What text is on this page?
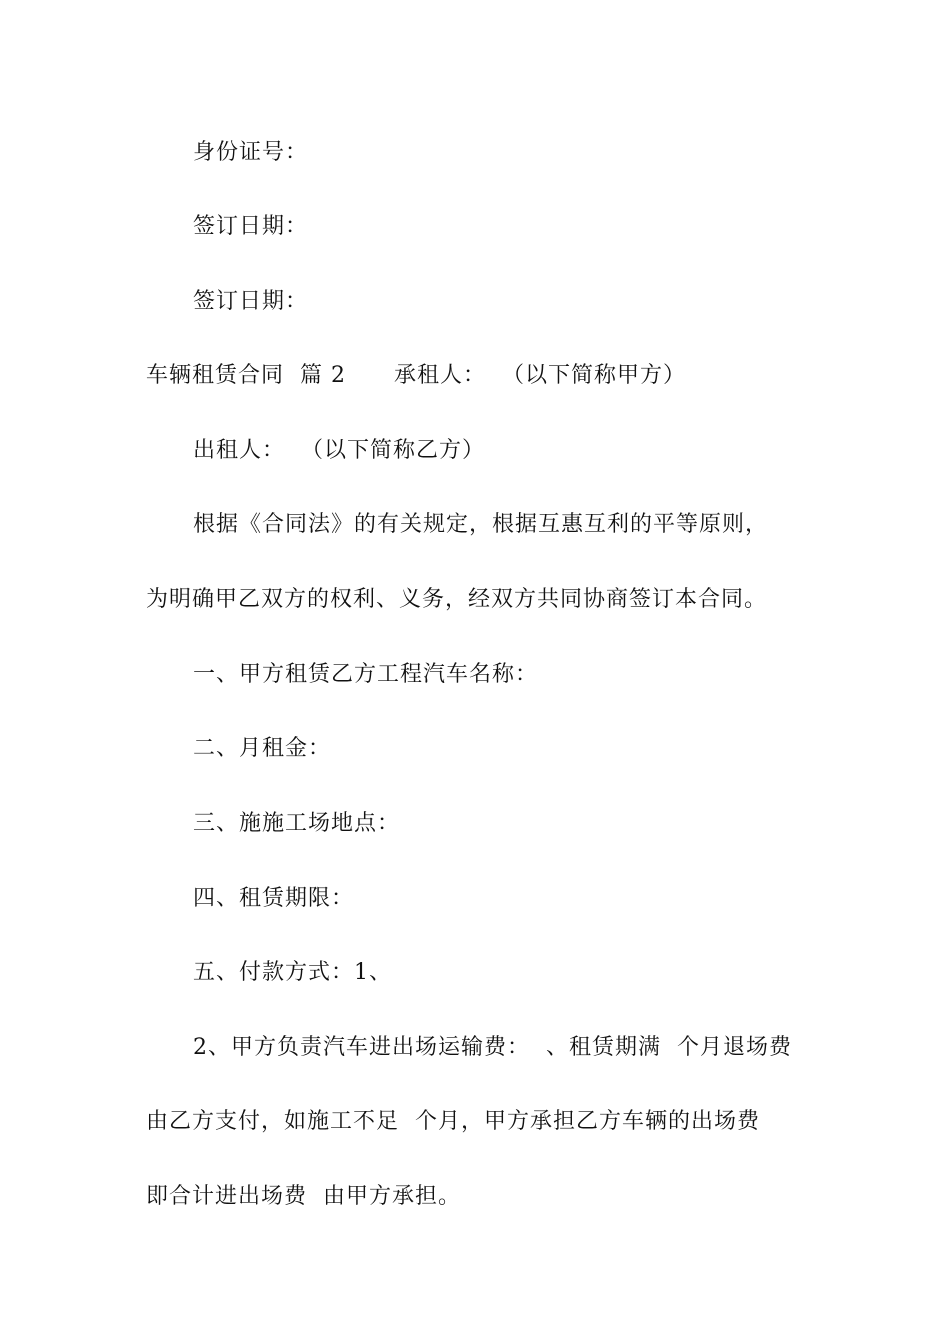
身份证号：
签订日期：
签订日期：
车辆租赁合同  篇 2 承租人：  （以下简称甲方）
出租人：  （以下简称乙方）
根据《合同法》的有关规定，根据互惠互利的平等原则，
为明确甲乙双方的权利、义务，经双方共同协商签订本合同。
一、甲方租赁乙方工程汽车名称：
二、月租金：
三、施施工场地点：
四、租赁期限：
五、付款方式：1、
2、甲方负责汽车进出场运输费：  、租赁期满  个月退场费
由乙方支付，如施工不足  个月，甲方承担乙方车辆的出场费
即合计进出场费  由甲方承担。
